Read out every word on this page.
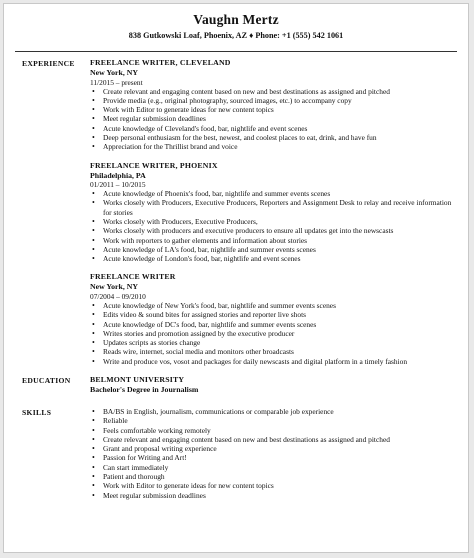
Vaughn Mertz
838 Gutkowski Loaf, Phoenix, AZ ♦ Phone: +1 (555) 542 1061
EXPERIENCE FREELANCE WRITER, CLEVELAND
New York, NY
11/2015 – present
• Create relevant and engaging content based on new and best destinations as assigned and pitched
• Provide media (e.g., original photography, sourced images, etc.) to accompany copy
• Work with Editor to generate ideas for new content topics
• Meet regular submission deadlines
• Acute knowledge of Cleveland's food, bar, nightlife and event scenes
• Deep personal enthusiasm for the best, newest, and coolest places to eat, drink, and have fun
• Appreciation for the Thrillist brand and voice
FREELANCE WRITER, PHOENIX
Philadelphia, PA
01/2011 – 10/2015
• Acute knowledge of Phoenix's food, bar, nightlife and summer events scenes
• Works closely with Producers, Executive Producers, Reporters and Assignment Desk to relay and receive information for stories
• Works closely with Producers, Executive Producers,
• Works closely with producers and executive producers to ensure all updates get into the newscasts
• Work with reporters to gather elements and information about stories
• Acute knowledge of LA's food, bar, nightlife and summer events scenes
• Acute knowledge of London's food, bar, nightlife and event scenes
FREELANCE WRITER
New York, NY
07/2004 – 09/2010
• Acute knowledge of New York's food, bar, nightlife and summer events scenes
• Edits video & sound bites for assigned stories and reporter live shots
• Acute knowledge of DC's food, bar, nightlife and summer events scenes
• Writes stories and promotion assigned by the executive producer
• Updates scripts as stories change
• Reads wire, internet, social media and monitors other broadcasts
• Write and produce vos, vosot and packages for daily newscasts and digital platform in a timely fashion
EDUCATION BELMONT UNIVERSITY
Bachelor's Degree in Journalism
SKILLS
•	BA/BS in English, journalism, communications or comparable job experience
• Reliable
• Feels comfortable working remotely
• Create relevant and engaging content based on new and best destinations as assigned and pitched
• Grant and proposal writing experience
• Passion for Writing and Art!
• Can start immediately
• Patient and thorough
• Work with Editor to generate ideas for new content topics
• Meet regular submission deadlines
